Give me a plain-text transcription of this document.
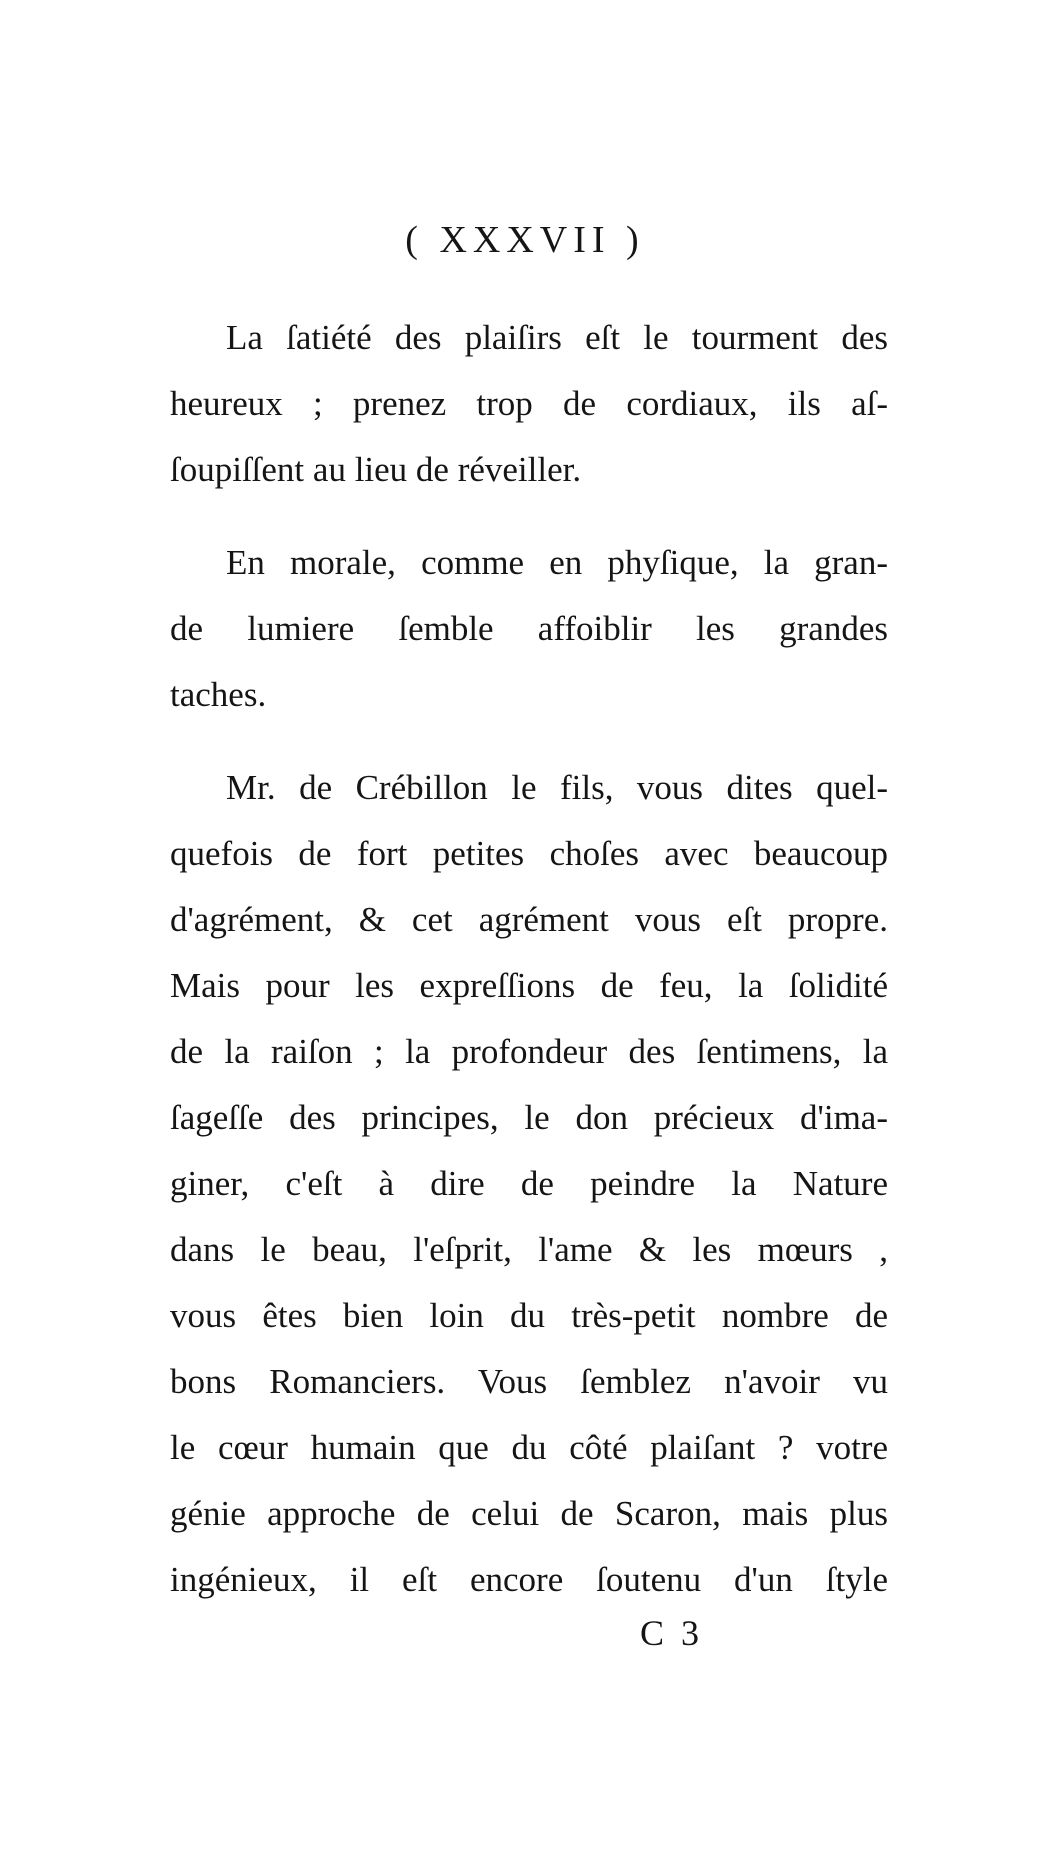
( XXXVII )
La ſatiété des plaiſirs eſt le tourment des
heureux ; prenez trop de cordiaux, ils aſ-
ſoupiſſent au lieu de réveiller.
En morale, comme en phyſique, la gran-
de lumiere ſemble affoiblir les grandes
taches.
Mr. de Crébillon le fils, vous dites quel-
quefois de fort petites choſes avec beaucoup
d'agrément, & cet agrément vous eſt propre.
Mais pour les expreſſions de feu, la ſolidité
de la raiſon ; la profondeur des ſentimens, la
ſageſſe des principes, le don précieux d'ima-
giner, c'eſt à dire de peindre la Nature
dans le beau, l'eſprit, l'ame & les mœurs ,
vous êtes bien loin du très-petit nombre de
bons Romanciers. Vous ſemblez n'avoir vu
le cœur humain que du côté plaiſant ? votre
génie approche de celui de Scaron, mais plus
ingénieux, il eſt encore ſoutenu d'un ſtyle
C 3
